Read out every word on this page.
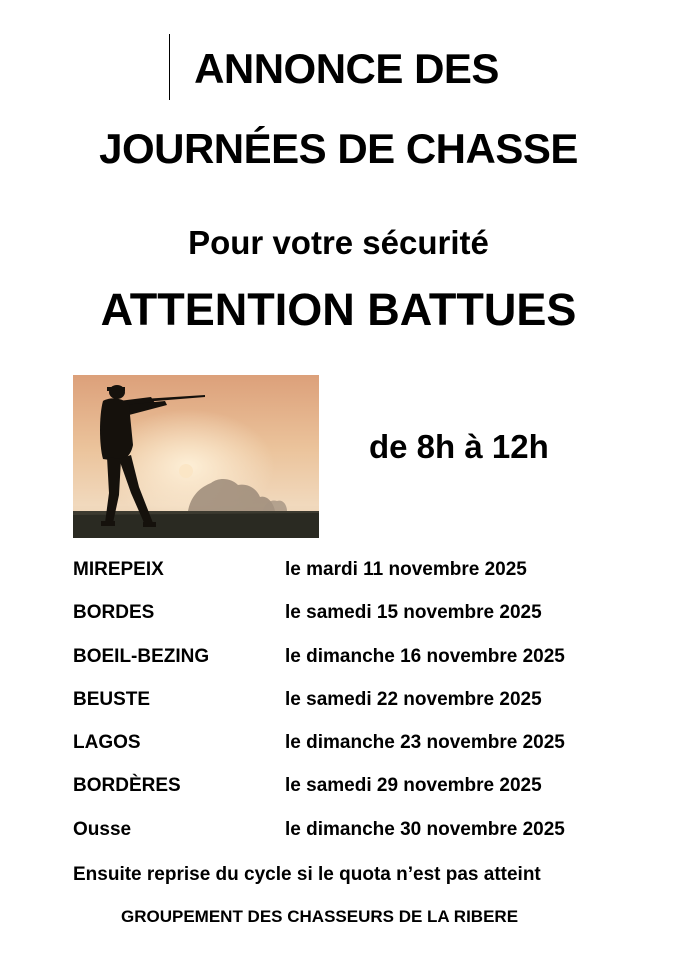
ANNONCE DES
JOURNÉES DE CHASSE
Pour votre sécurité
ATTENTION BATTUES
de 8h à 12h
MIREPEIX	le mardi 11 novembre 2025
BORDES	le samedi 15 novembre 2025
BOEIL-BEZING	le dimanche 16 novembre 2025
BEUSTE	le samedi 22 novembre 2025
LAGOS	le dimanche 23 novembre 2025
BORDÈRES	le samedi 29 novembre 2025
Ousse	le dimanche 30 novembre 2025
Ensuite reprise du cycle si le quota n’est pas atteint
GROUPEMENT DES CHASSEURS DE LA RIBERE
